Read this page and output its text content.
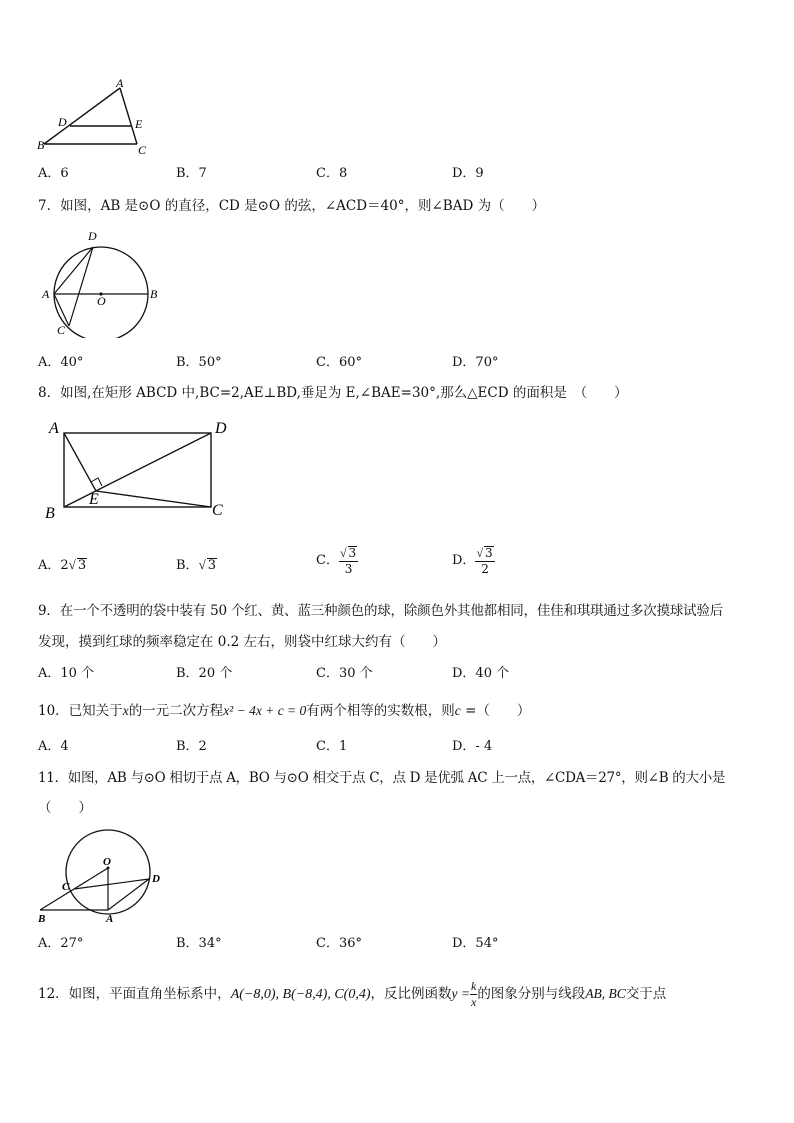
A
D	E
B	C
A．6	B．7	C．8	D．9
7．如图，AB 是⊙O 的直径，CD 是⊙O 的弦，∠ACD＝40°，则∠BAD 为（　　）
D
A	O	B
C
A．40°	B．50°	C．60°	D．70°
8．如图,在矩形 ABCD 中,BC=2,AE⊥BD,垂足为 E,∠BAE=30°,那么△ECD 的面积是　（　　）
A	D
E
B	C
A．2√ 3	B．√ 3	C． $\frac{√ 3}{3}$	D． $\frac{√ 3}{2}$
9．在一个不透明的袋中装有 50 个红、黄、蓝三种颜色的球，除颜色外其他都相同，佳佳和琪琪通过多次摸球试验后
发现，摸到红球的频率稳定在 0.2 左右，则袋中红球大约有（　　）
A．10 个	B．20 个	C．30 个	D．40 个
10．已知关于x的一元二次方程x² − 4x + c = 0有两个相等的实数根，则c =（　　）
A．4	B．2	C．1	D．- 4
11．如图，AB 与⊙O 相切于点 A，BO 与⊙O 相交于点 C，点 D 是优弧 AC 上一点，∠CDA＝27°，则∠B 的大小是
（　　）
O
C
D
B	A
A．27°	B．34°	C．36°	D．54°
12．如图，平面直角坐标系中，A(−8,0), B(−8,4), C(0,4)，反比例函数$y = \frac{k}{x}$ 的图象分别与线段AB, BC交于点
